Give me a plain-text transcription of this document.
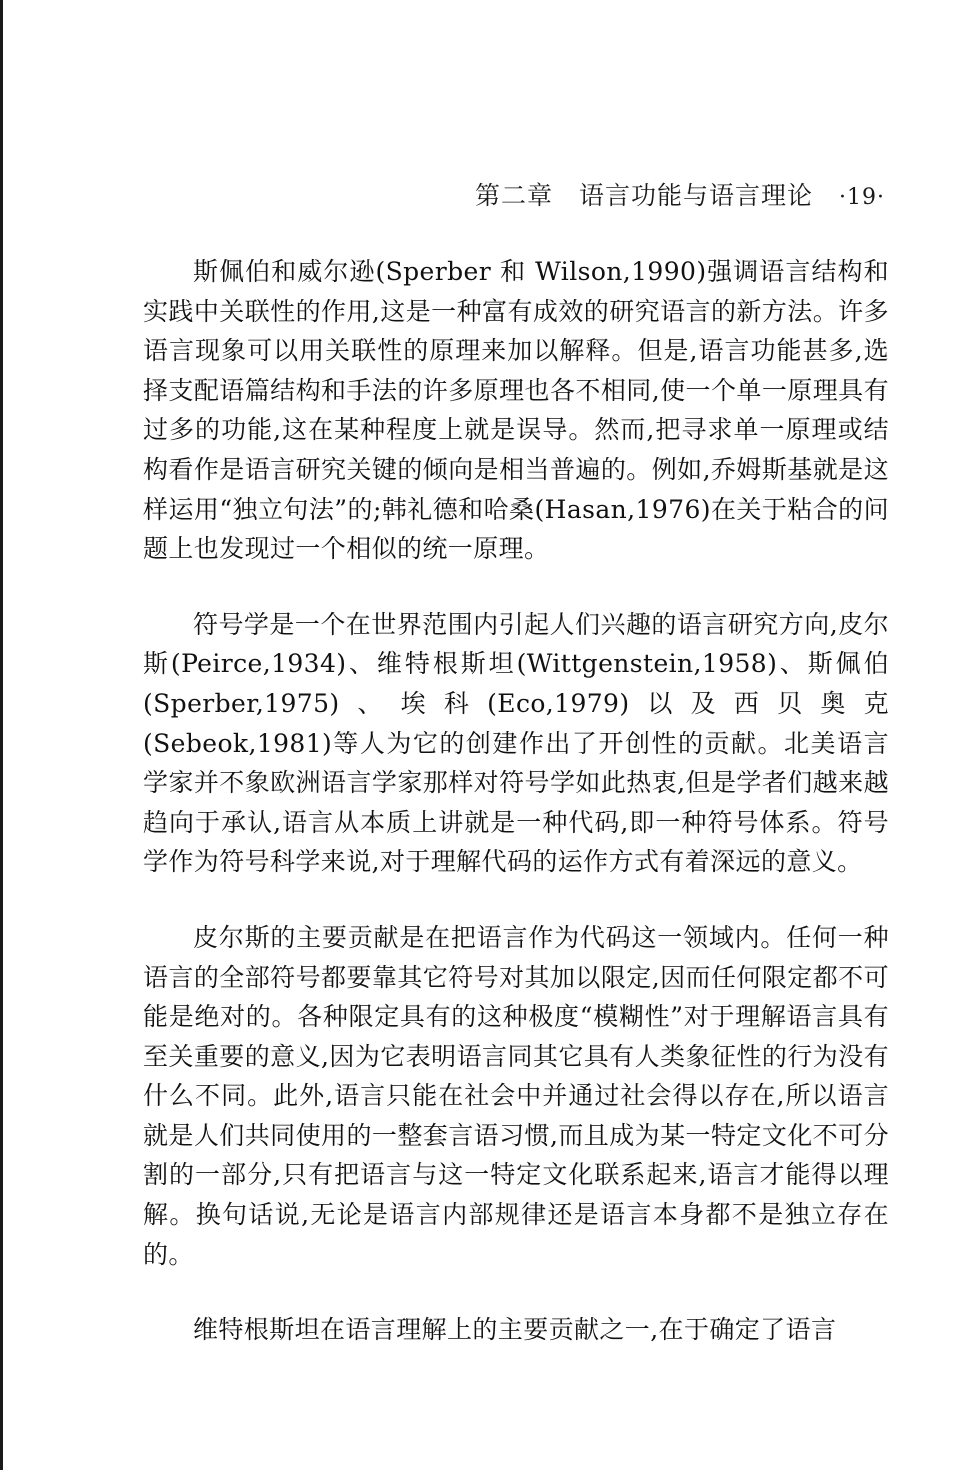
第二章 语言功能与语言理论 ·19·

斯佩伯和威尔逊(Sperber 和 Wilson,1990)强调语言结构和实践中关联性的作用,这是一种富有成效的研究语言的新方法。许多语言现象可以用关联性的原理来加以解释。但是,语言功能甚多,选择支配语篇结构和手法的许多原理也各不相同,使一个单一原理具有过多的功能,这在某种程度上就是误导。然而,把寻求单一原理或结构看作是语言研究关键的倾向是相当普遍的。例如,乔姆斯基就是这样运用“独立句法”的;韩礼德和哈桑(Hasan,1976)在关于粘合的问题上也发现过一个相似的统一原理。

符号学是一个在世界范围内引起人们兴趣的语言研究方向,皮尔斯(Peirce,1934)、维特根斯坦(Wittgenstein,1958)、斯佩伯(Sperber,1975)、埃科(Eco,1979)以及西贝奥克(Sebeok,1981)等人为它的创建作出了开创性的贡献。北美语言学家并不象欧洲语言学家那样对符号学如此热衷,但是学者们越来越趋向于承认,语言从本质上讲就是一种代码,即一种符号体系。符号学作为符号科学来说,对于理解代码的运作方式有着深远的意义。

皮尔斯的主要贡献是在把语言作为代码这一领域内。任何一种语言的全部符号都要靠其它符号对其加以限定,因而任何限定都不可能是绝对的。各种限定具有的这种极度“模糊性”对于理解语言具有至关重要的意义,因为它表明语言同其它具有人类象征性的行为没有什么不同。此外,语言只能在社会中并通过社会得以存在,所以语言就是人们共同使用的一整套言语习惯,而且成为某一特定文化不可分割的一部分,只有把语言与这一特定文化联系起来,语言才能得以理解。换句话说,无论是语言内部规律还是语言本身都不是独立存在的。

维特根斯坦在语言理解上的主要贡献之一,在于确定了语言
